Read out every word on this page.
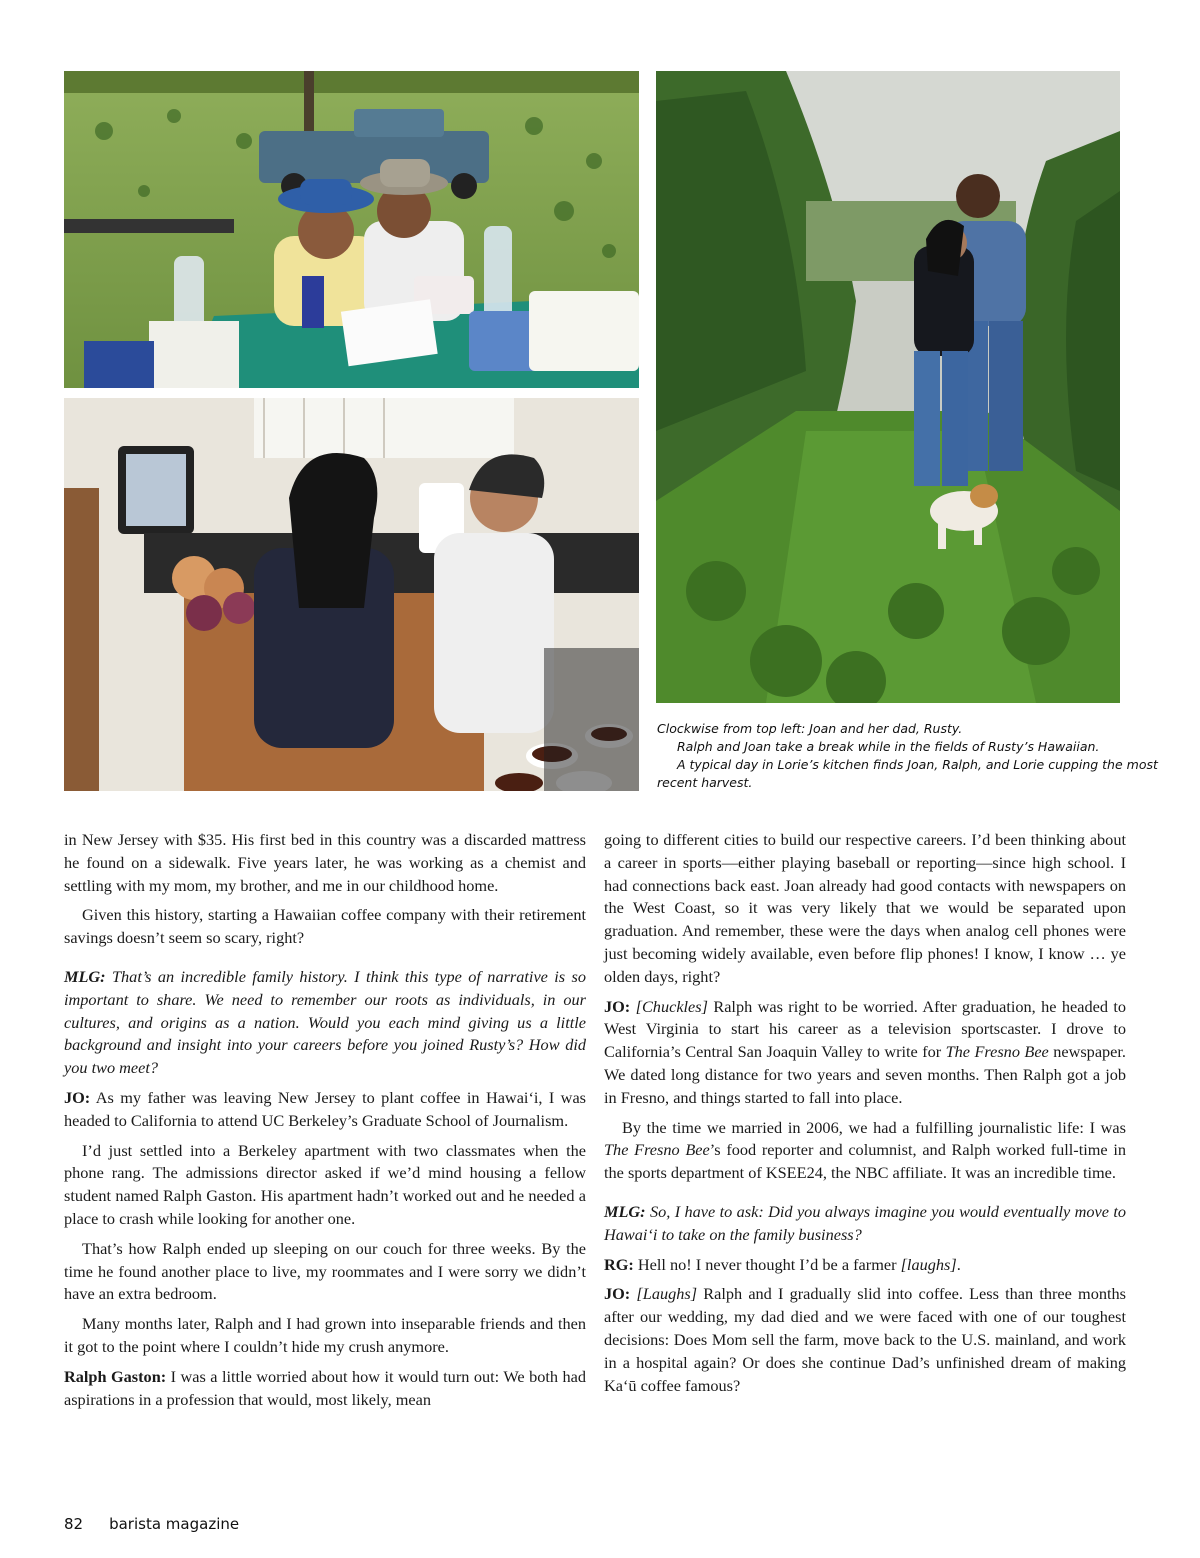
Clockwise from top left: Joan and her dad, Rusty.
Ralph and Joan take a break while in the fields of Rusty’s Hawaiian.
A typical day in Lorie’s kitchen finds Joan, Ralph, and Lorie cupping the most
recent harvest.

in New Jersey with $35. His first bed in this country was a discarded mattress he found on a sidewalk. Five years later, he was working as a chemist and settling with my mom, my brother, and me in our childhood home.

Given this history, starting a Hawaiian coffee company with their retirement savings doesn’t seem so scary, right?

MLG: That’s an incredible family history. I think this type of narrative is so important to share. We need to remember our roots as individuals, in our cultures, and origins as a nation. Would you each mind giving us a little background and insight into your careers before you joined Rusty’s? How did you two meet?

JO: As my father was leaving New Jersey to plant coffee in Hawai‘i, I was headed to California to attend UC Berkeley’s Graduate School of Journalism.

I’d just settled into a Berkeley apartment with two classmates when the phone rang. The admissions director asked if we’d mind housing a fellow student named Ralph Gaston. His apartment hadn’t worked out and he needed a place to crash while looking for another one.

That’s how Ralph ended up sleeping on our couch for three weeks. By the time he found another place to live, my roommates and I were sorry we didn’t have an extra bedroom.

Many months later, Ralph and I had grown into inseparable friends and then it got to the point where I couldn’t hide my crush anymore.

Ralph Gaston: I was a little worried about how it would turn out: We both had aspirations in a profession that would, most likely, mean

going to different cities to build our respective careers. I’d been thinking about a career in sports—either playing baseball or reporting—since high school. I had connections back east. Joan already had good contacts with newspapers on the West Coast, so it was very likely that we would be separated upon graduation. And remember, these were the days when analog cell phones were just becoming widely available, even before flip phones! I know, I know … ye olden days, right?

JO: [Chuckles] Ralph was right to be worried. After graduation, he headed to West Virginia to start his career as a television sportscaster. I drove to California’s Central San Joaquin Valley to write for The Fresno Bee newspaper. We dated long distance for two years and seven months. Then Ralph got a job in Fresno, and things started to fall into place.

By the time we married in 2006, we had a fulfilling journalistic life: I was The Fresno Bee’s food reporter and columnist, and Ralph worked full-time in the sports department of KSEE24, the NBC affiliate. It was an incredible time.

MLG: So, I have to ask: Did you always imagine you would eventually move to Hawai‘i to take on the family business?

RG: Hell no! I never thought I’d be a farmer [laughs].

JO: [Laughs] Ralph and I gradually slid into coffee. Less than three months after our wedding, my dad died and we were faced with one of our toughest decisions: Does Mom sell the farm, move back to the U.S. mainland, and work in a hospital again? Or does she continue Dad’s unfinished dream of making Ka‘ū coffee famous?

82 barista magazine
